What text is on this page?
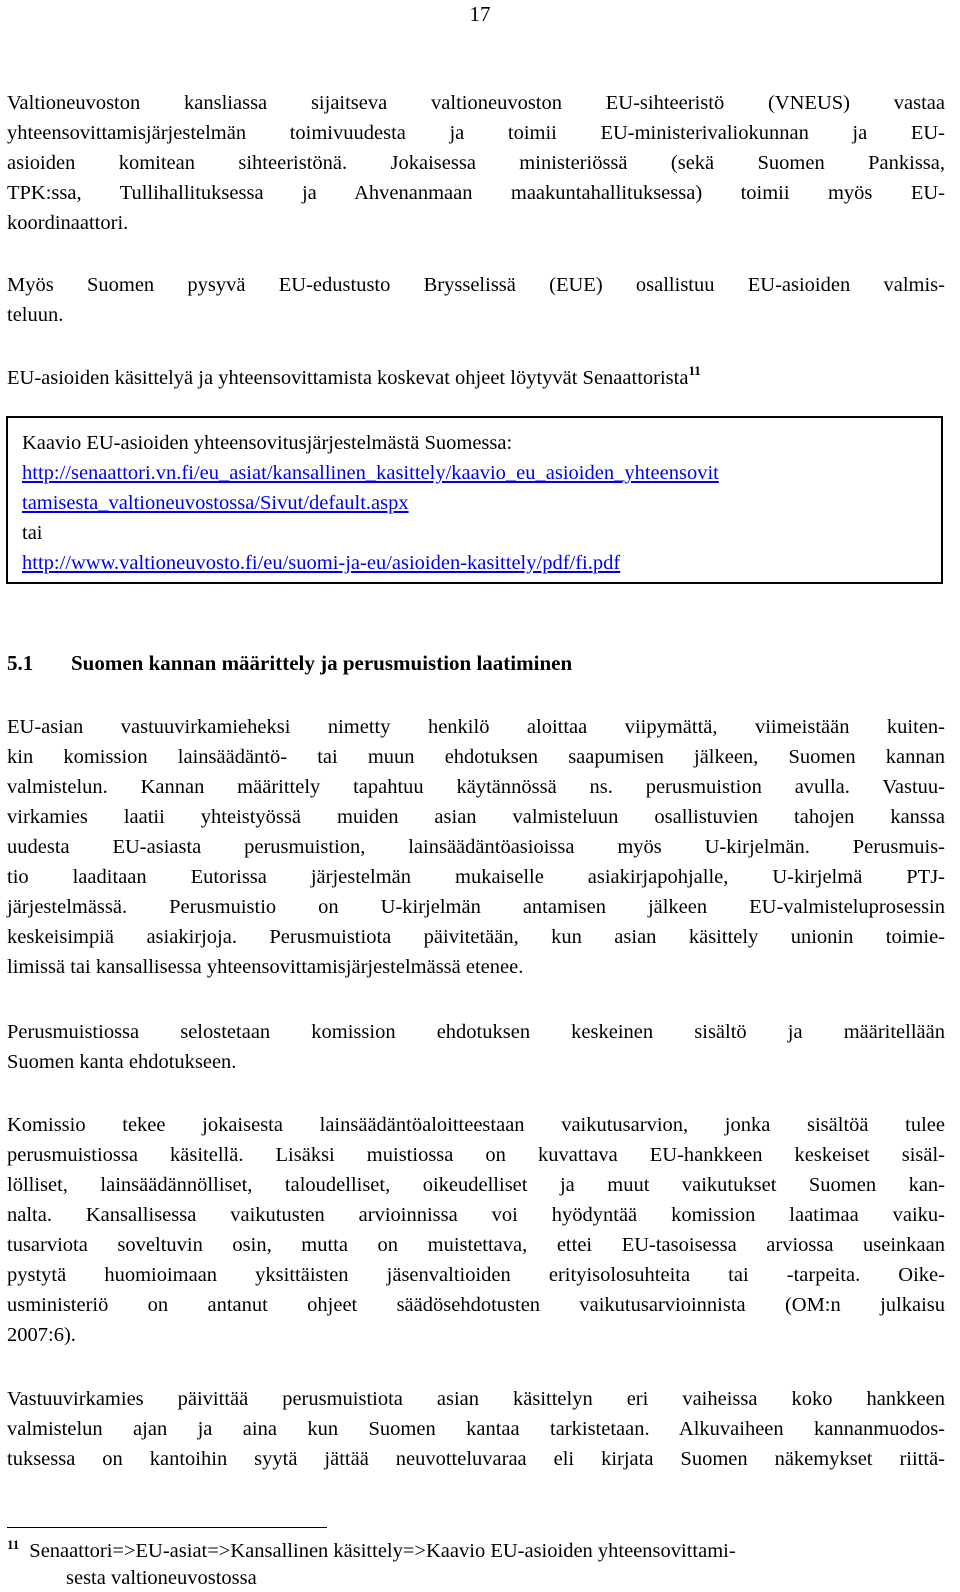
17
Valtioneuvoston kansliassa sijaitseva valtioneuvoston EU-sihteeristö (VNEUS) vastaa
yhteensovittamisjärjestelmän toimivuudesta ja toimii EU-ministerivaliokunnan ja EU-
asioiden komitean sihteeristönä. Jokaisessa ministeriössä (sekä Suomen Pankissa,
TPK:ssa, Tullihallituksessa ja Ahvenanmaan maakuntahallituksessa) toimii myös EU-
koordinaattori.
Myös Suomen pysyvä EU-edustusto Brysselissä (EUE) osallistuu EU-asioiden valmis-
teluun.
EU-asioiden käsittelyä ja yhteensovittamista koskevat ohjeet löytyvät Senaattorista$^{11}$
Kaavio EU-asioiden yhteensovitusjärjestelmästä Suomessa:
http://senaattori.vn.fi/eu_asiat/kansallinen_kasittely/kaavio_eu_asioiden_yhteensovit
tamisesta_valtioneuvostossa/Sivut/default.aspx
tai
http://www.valtioneuvosto.fi/eu/suomi-ja-eu/asioiden-kasittely/pdf/fi.pdf
5.1 Suomen kannan määrittely ja perusmuistion laatiminen
EU-asian vastuuvirkamieheksi nimetty henkilö aloittaa viipymättä, viimeistään kuiten-
kin komission lainsäädäntö- tai muun ehdotuksen saapumisen jälkeen, Suomen kannan
valmistelun. Kannan määrittely tapahtuu käytännössä ns. perusmuistion avulla. Vastuu-
virkamies laatii yhteistyössä muiden asian valmisteluun osallistuvien tahojen kanssa
uudesta EU-asiasta perusmuistion, lainsäädäntöasioissa myös U-kirjelmän. Perusmuis-
tio laaditaan Eutorissa järjestelmän mukaiselle asiakirjapohjalle, U-kirjelmä PTJ-
järjestelmässä. Perusmuistio on U-kirjelmän antamisen jälkeen EU-valmisteluprosessin
keskeisimpiä asiakirjoja. Perusmuistiota päivitetään, kun asian käsittely unionin toimie-
limissä tai kansallisessa yhteensovittamisjärjestelmässä etenee.
Perusmuistiossa selostetaan komission ehdotuksen keskeinen sisältö ja määritellään
Suomen kanta ehdotukseen.
Komissio tekee jokaisesta lainsäädäntöaloitteestaan vaikutusarvion, jonka sisältöä tulee
perusmuistiossa käsitellä. Lisäksi muistiossa on kuvattava EU-hankkeen keskeiset sisäl-
lölliset, lainsäädännölliset, taloudelliset, oikeudelliset ja muut vaikutukset Suomen kan-
nalta. Kansallisessa vaikutusten arvioinnissa voi hyödyntää komission laatimaa vaiku-
tusarviota soveltuvin osin, mutta on muistettava, ettei EU-tasoisessa arviossa useinkaan
pystytä huomioimaan yksittäisten jäsenvaltioiden erityisolosuhteita tai -tarpeita. Oike-
usministeriö on antanut ohjeet säädösehdotusten vaikutusarvioinnista (OM:n julkaisu
2007:6).
Vastuuvirkamies päivittää perusmuistiota asian käsittelyn eri vaiheissa koko hankkeen
valmistelun ajan ja aina kun Suomen kantaa tarkistetaan. Alkuvaiheen kannanmuodos-
tuksessa on kantoihin syytä jättää neuvotteluvaraa eli kirjata Suomen näkemykset riittä-
$^{11}$ Senaattori=>EU-asiat=>Kansallinen käsittely=>Kaavio EU-asioiden yhteensovittami-
sesta valtioneuvostossa
